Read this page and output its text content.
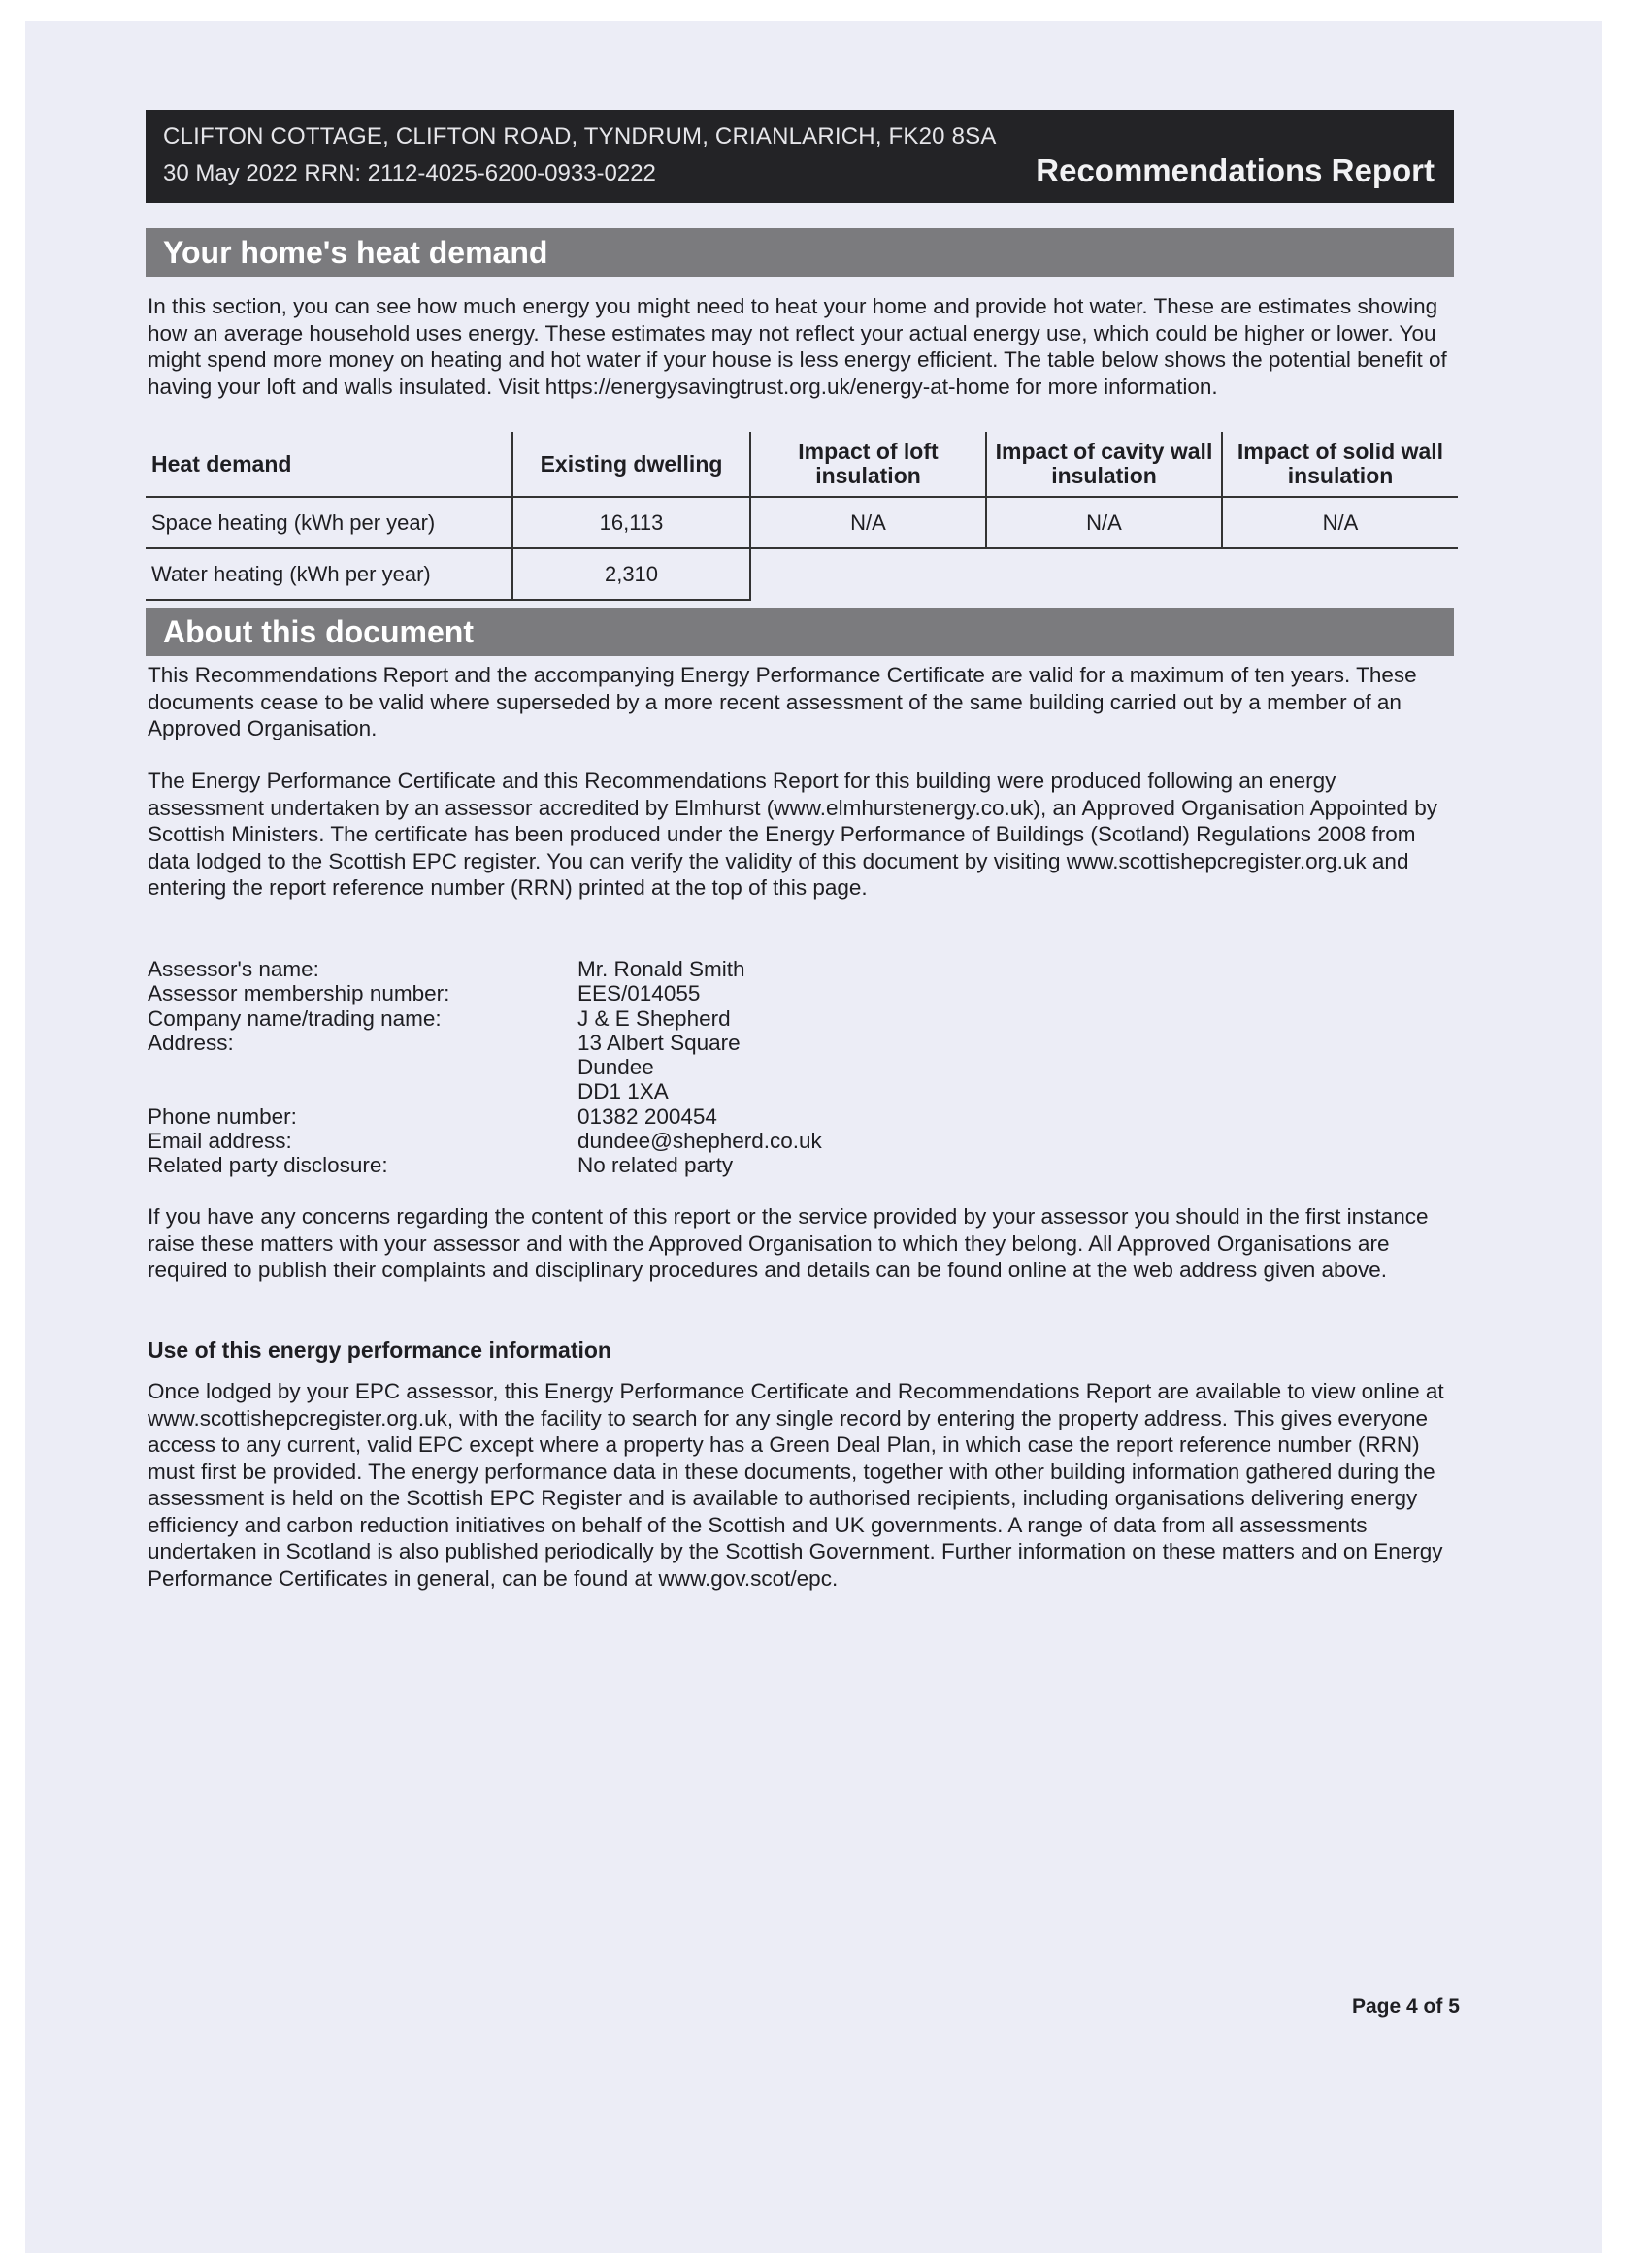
CLIFTON COTTAGE, CLIFTON ROAD, TYNDRUM, CRIANLARICH, FK20 8SA
30 May 2022 RRN: 2112-4025-6200-0933-0222	Recommendations Report
Your home's heat demand
In this section, you can see how much energy you might need to heat your home and provide hot water. These are estimates showing how an average household uses energy. These estimates may not reflect your actual energy use, which could be higher or lower. You might spend more money on heating and hot water if your house is less energy efficient. The table below shows the potential benefit of having your loft and walls insulated. Visit https://energysavingtrust.org.uk/energy-at-home for more information.
Heat demand	Existing dwelling	Impact of loft insulation	Impact of cavity wall insulation	Impact of solid wall insulation
Space heating (kWh per year)	16,113	N/A	N/A	N/A
Water heating (kWh per year)	2,310			
About this document
This Recommendations Report and the accompanying Energy Performance Certificate are valid for a maximum of ten years. These documents cease to be valid where superseded by a more recent assessment of the same building carried out by a member of an Approved Organisation.
The Energy Performance Certificate and this Recommendations Report for this building were produced following an energy assessment undertaken by an assessor accredited by Elmhurst (www.elmhurstenergy.co.uk), an Approved Organisation Appointed by Scottish Ministers. The certificate has been produced under the Energy Performance of Buildings (Scotland) Regulations 2008 from data lodged to the Scottish EPC register. You can verify the validity of this document by visiting www.scottishepcregister.org.uk and entering the report reference number (RRN) printed at the top of this page.
Assessor's name:	Mr. Ronald Smith
Assessor membership number:	EES/014055
Company name/trading name:	J & E Shepherd
Address:	13 Albert Square
Dundee
DD1 1XA
Phone number:	01382 200454
Email address:	dundee@shepherd.co.uk
Related party disclosure:	No related party
If you have any concerns regarding the content of this report or the service provided by your assessor you should in the first instance raise these matters with your assessor and with the Approved Organisation to which they belong. All Approved Organisations are required to publish their complaints and disciplinary procedures and details can be found online at the web address given above.
Use of this energy performance information
Once lodged by your EPC assessor, this Energy Performance Certificate and Recommendations Report are available to view online at www.scottishepcregister.org.uk, with the facility to search for any single record by entering the property address. This gives everyone access to any current, valid EPC except where a property has a Green Deal Plan, in which case the report reference number (RRN) must first be provided. The energy performance data in these documents, together with other building information gathered during the assessment is held on the Scottish EPC Register and is available to authorised recipients, including organisations delivering energy efficiency and carbon reduction initiatives on behalf of the Scottish and UK governments. A range of data from all assessments undertaken in Scotland is also published periodically by the Scottish Government. Further information on these matters and on Energy Performance Certificates in general, can be found at www.gov.scot/epc.
Page 4 of 5
